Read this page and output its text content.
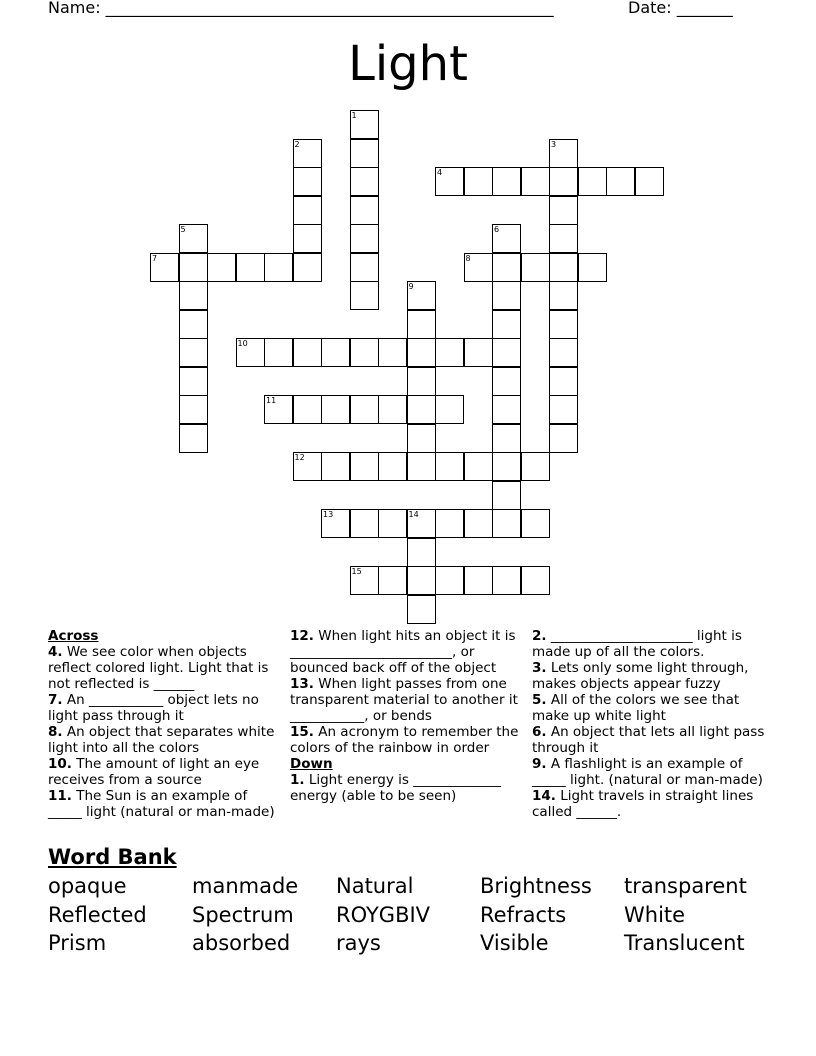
Name: ________________________________________________________	Date: _______
Light
1
2	3
4
5	6
7	8
9
10
11
12
13	14
15
Across
4. We see color when objects reflect colored light. Light that is not reflected is ______
7. An ___________ object lets no light pass through it
8. An object that separates white light into all the colors
10. The amount of light an eye receives from a source
11. The Sun is an example of _____ light (natural or man-made)
12. When light hits an object it is ________________________, or bounced back off of the object
13. When light passes from one transparent material to another it ___________, or bends
15. An acronym to remember the colors of the rainbow in order
Down
1. Light energy is _____________ energy (able to be seen)
2. _____________________ light is made up of all the colors.
3. Lets only some light through, makes objects appear fuzzy
5. All of the colors we see that make up white light
6. An object that lets all light pass through it
9. A flashlight is an example of _____ light. (natural or man-made)
14. Light travels in straight lines called ______.
Word Bank
opaque	manmade	Natural	Brightness	transparent
Reflected	Spectrum	ROYGBIV	Refracts	White
Prism	absorbed	rays	Visible	Translucent
